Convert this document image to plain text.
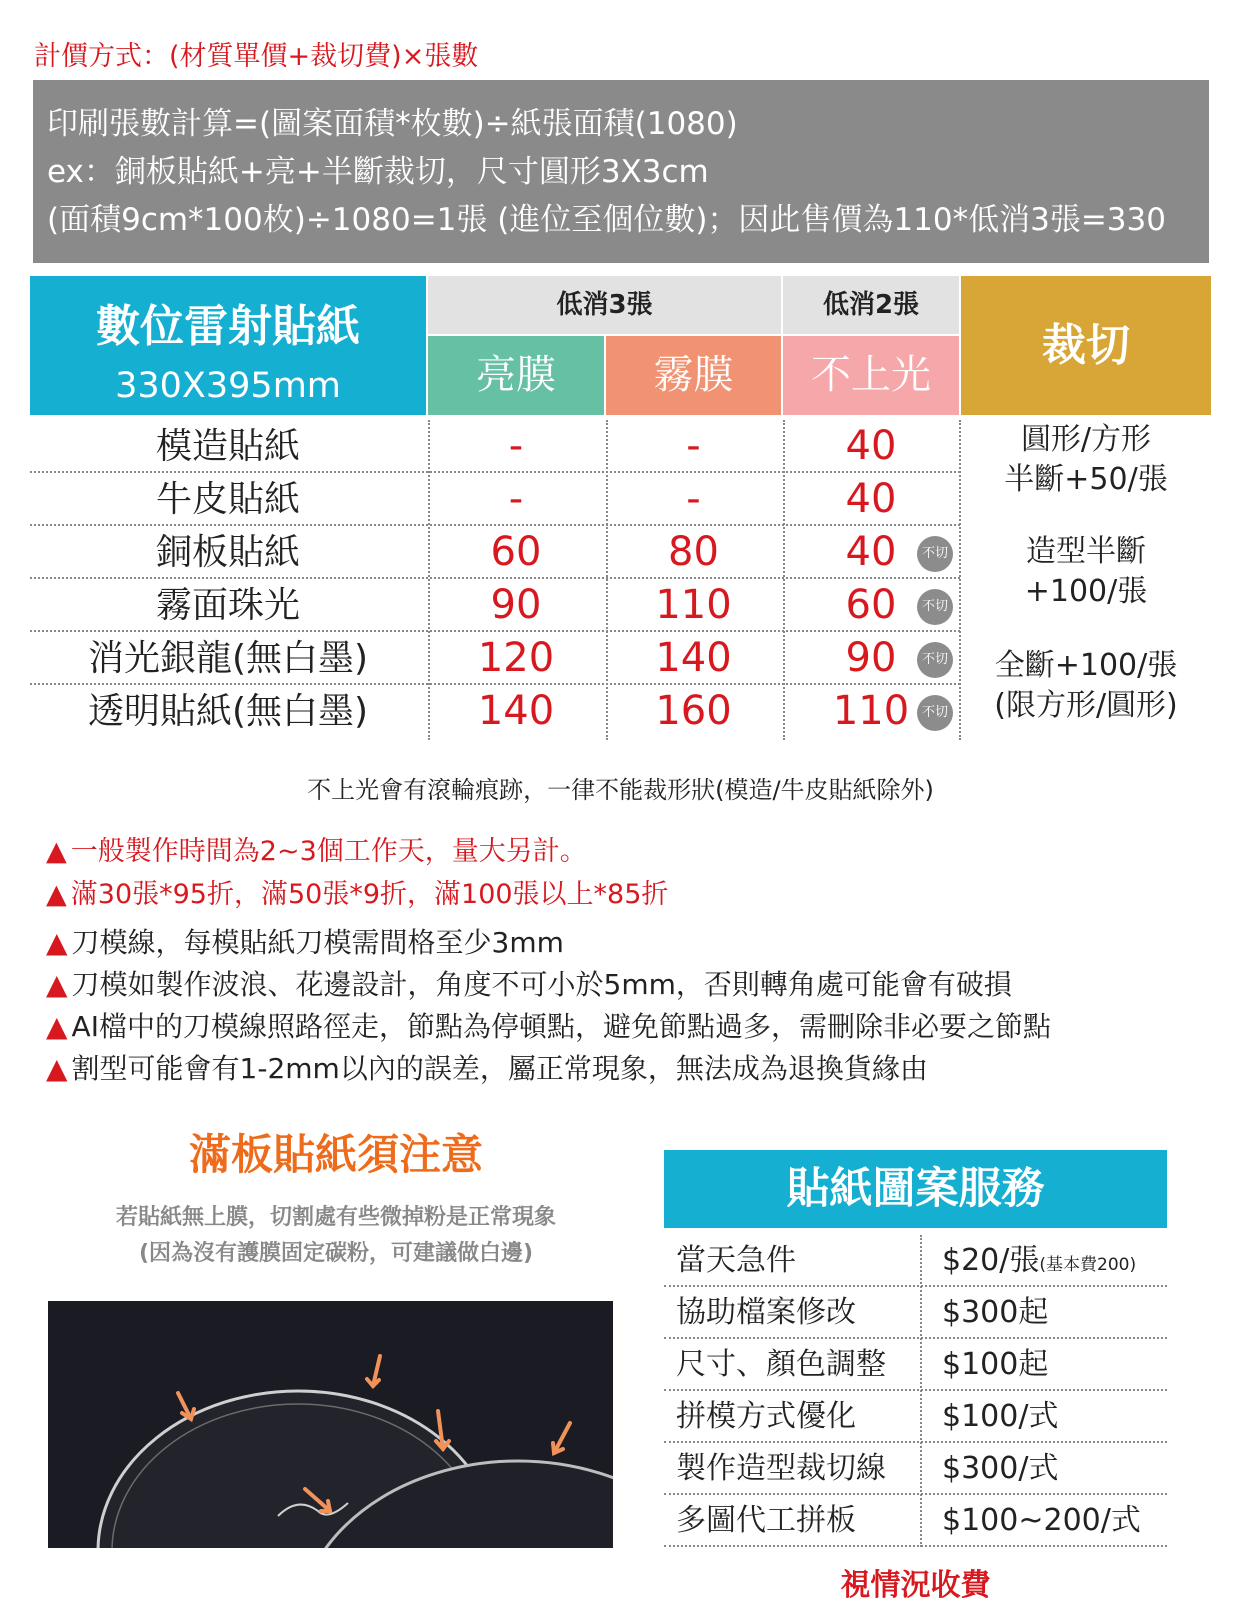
計價方式：(材質單價+裁切費)×張數
印刷張數計算=(圖案面積*枚數)÷紙張面積(1080)
ex：銅板貼紙+亮+半斷裁切，尺寸圓形3X3cm
(面積9cm*100枚)÷1080=1張 (進位至個位數)；因此售價為110*低消3張=330
數位雷射貼紙
330X395mm
低消3張	低消2張
亮膜	霧膜	不上光
裁切
模造貼紙	-	-	40
牛皮貼紙	-	-	40
銅板貼紙	60	80	40	不切
霧面珠光	90	110	60	不切
消光銀龍(無白墨)	120	140	90	不切
透明貼紙(無白墨)	140	160	110 不切
圓形/方形
半斷+50/張
造型半斷
+100/張
全斷+100/張
(限方形/圓形)
不上光會有滾輪痕跡，一律不能裁形狀(模造/牛皮貼紙除外)
▲ 一般製作時間為2~3個工作天，量大另計。
▲ 滿30張*95折，滿50張*9折，滿100張以上*85折
▲ 刀模線，每模貼紙刀模需間格至少3mm
▲ 刀模如製作波浪、花邊設計，角度不可小於5mm，否則轉角處可能會有破損
▲ AI檔中的刀模線照路徑走，節點為停頓點，避免節點過多，需刪除非必要之節點
▲ 割型可能會有1-2mm以內的誤差，屬正常現象，無法成為退換貨緣由
滿板貼紙須注意
若貼紙無上膜，切割處有些微掉粉是正常現象
(因為沒有護膜固定碳粉，可建議做白邊)
貼紙圖案服務
當天急件	$20/張(基本費200)
協助檔案修改	$300起
尺寸、顏色調整 $100起
拼模方式優化	$100/式
製作造型裁切線 $300/式
多圖代工拼板	$100~200/式
視情況收費
